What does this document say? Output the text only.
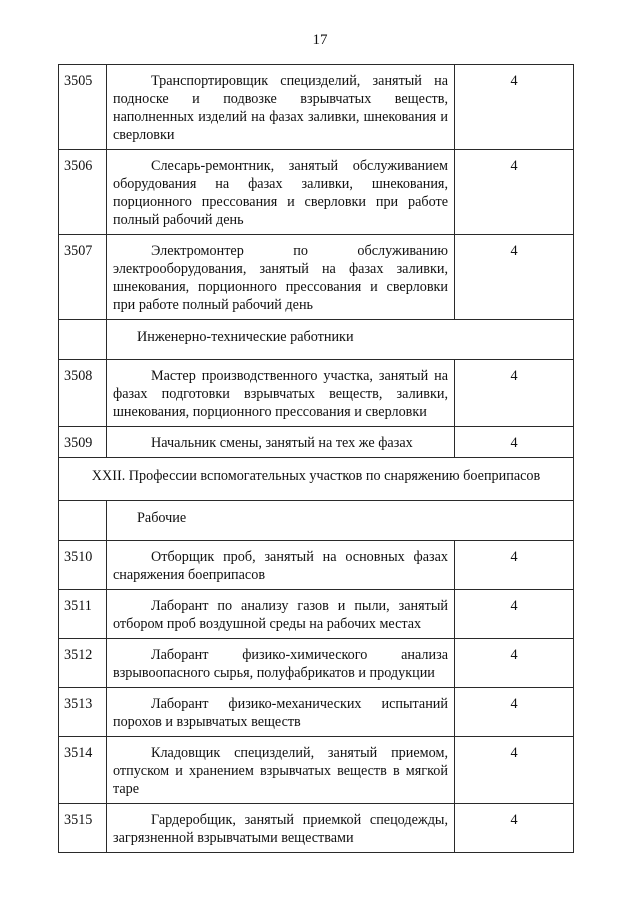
17
3505	Транспортировщик специзделий, занятый на подноске и подвозке взрывчатых веществ, наполненных изделий на фазах заливки, шнекования и сверловки	4
3506	Слесарь-ремонтник, занятый обслуживанием оборудования на фазах заливки, шнекования, порционного прессования и сверловки при работе полный рабочий день	4
3507	Электромонтер по обслуживанию электрооборудования, занятый на фазах заливки, шнекования, порционного прессования и сверловки при работе полный рабочий день	4
	Инженерно-технические работники	
3508	Мастер производственного участка, занятый на фазах подготовки взрывчатых веществ, заливки, шнекования, порционного прессования и сверловки	4
3509	Начальник смены, занятый на тех же фазах	4
XXII. Профессии вспомогательных участков по снаряжению боеприпасов		
	Рабочие	
3510	Отборщик проб, занятый на основных фазах снаряжения боеприпасов	4
3511	Лаборант по анализу газов и пыли, занятый отбором проб воздушной среды на рабочих местах	4
3512	Лаборант физико-химического анализа взрывоопасного сырья, полуфабрикатов и продукции	4
3513	Лаборант физико-механических испытаний порохов и взрывчатых веществ	4
3514	Кладовщик специзделий, занятый приемом, отпуском и хранением взрывчатых веществ в мягкой таре	4
3515	Гардеробщик, занятый приемкой спецодежды, загрязненной взрывчатыми веществами	4
